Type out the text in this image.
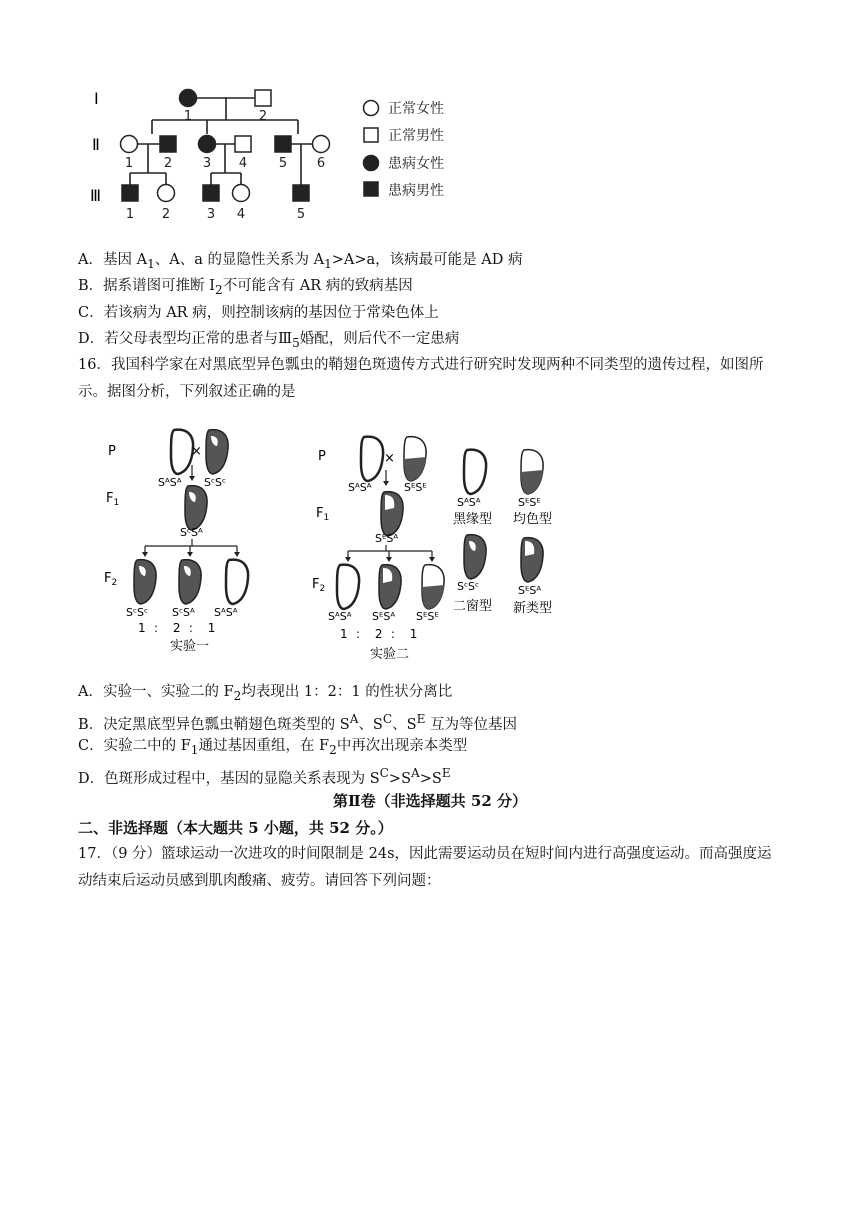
Ⅰ
Ⅱ
Ⅲ
1	2
1 2 3 4 5 6
1 2	3 4	5
正常女性
正常男性
患病女性
患病男性
A．基因 $A_1$、A、a 的显隐性关系为 $A_1>A>a$，该病最可能是 AD 病
B．据系谱图可推断 $I_2$不可能含有 AR 病的致病基因
C．若该病为 AR 病，则控制该病的基因位于常染色体上
D．若父母表型均正常的患者与$Ⅲ_5$婚配，则后代不一定患病
16．我国科学家在对黑底型异色瓢虫的鞘翅色斑遗传方式进行研究时发现两种不同类型的遗传过程，如图所示。据图分析，下列叙述正确的是
P
$F_1$
$F_2$
×
SᴬSᴬ SᶜSᶜ
SᶜSᴬ
SᶜSᶜ SᶜSᴬ SᴬSᴬ
1  ：  2  ：  1
实验一
P
$F_1$
$F_2$
×
SᴬSᴬ	SᴱSᴱ
SᴱSᴬ
SᴬSᴬ SᴱSᴬ SᴱSᴱ
1  ：  2  ：  1
实验二
SᴬSᴬ	SᴱSᴱ
黑缘型 均色型
SᶜSᶜ	SᴱSᴬ
二窗型 新类型
A．实验一、实验二的 $F_2$均表现出 1：2：1 的性状分离比
B．决定黑底型异色瓢虫鞘翅色斑类型的 $S^A$、$S^C$、$S^E$ 互为等位基因
C．实验二中的 $F_1$通过基因重组，在 $F_2$中再次出现亲本类型
D．色斑形成过程中，基因的显隐关系表现为 $S^C>S^A>S^E$
第Ⅱ卷（非选择题共 52 分）
二、非选择题（本大题共 5 小题，共 52 分。）
17．（9 分）篮球运动一次进攻的时间限制是 24s，因此需要运动员在短时间内进行高强度运动。而高强度运动结束后运动员感到肌肉酸痛、疲劳。请回答下列问题：
